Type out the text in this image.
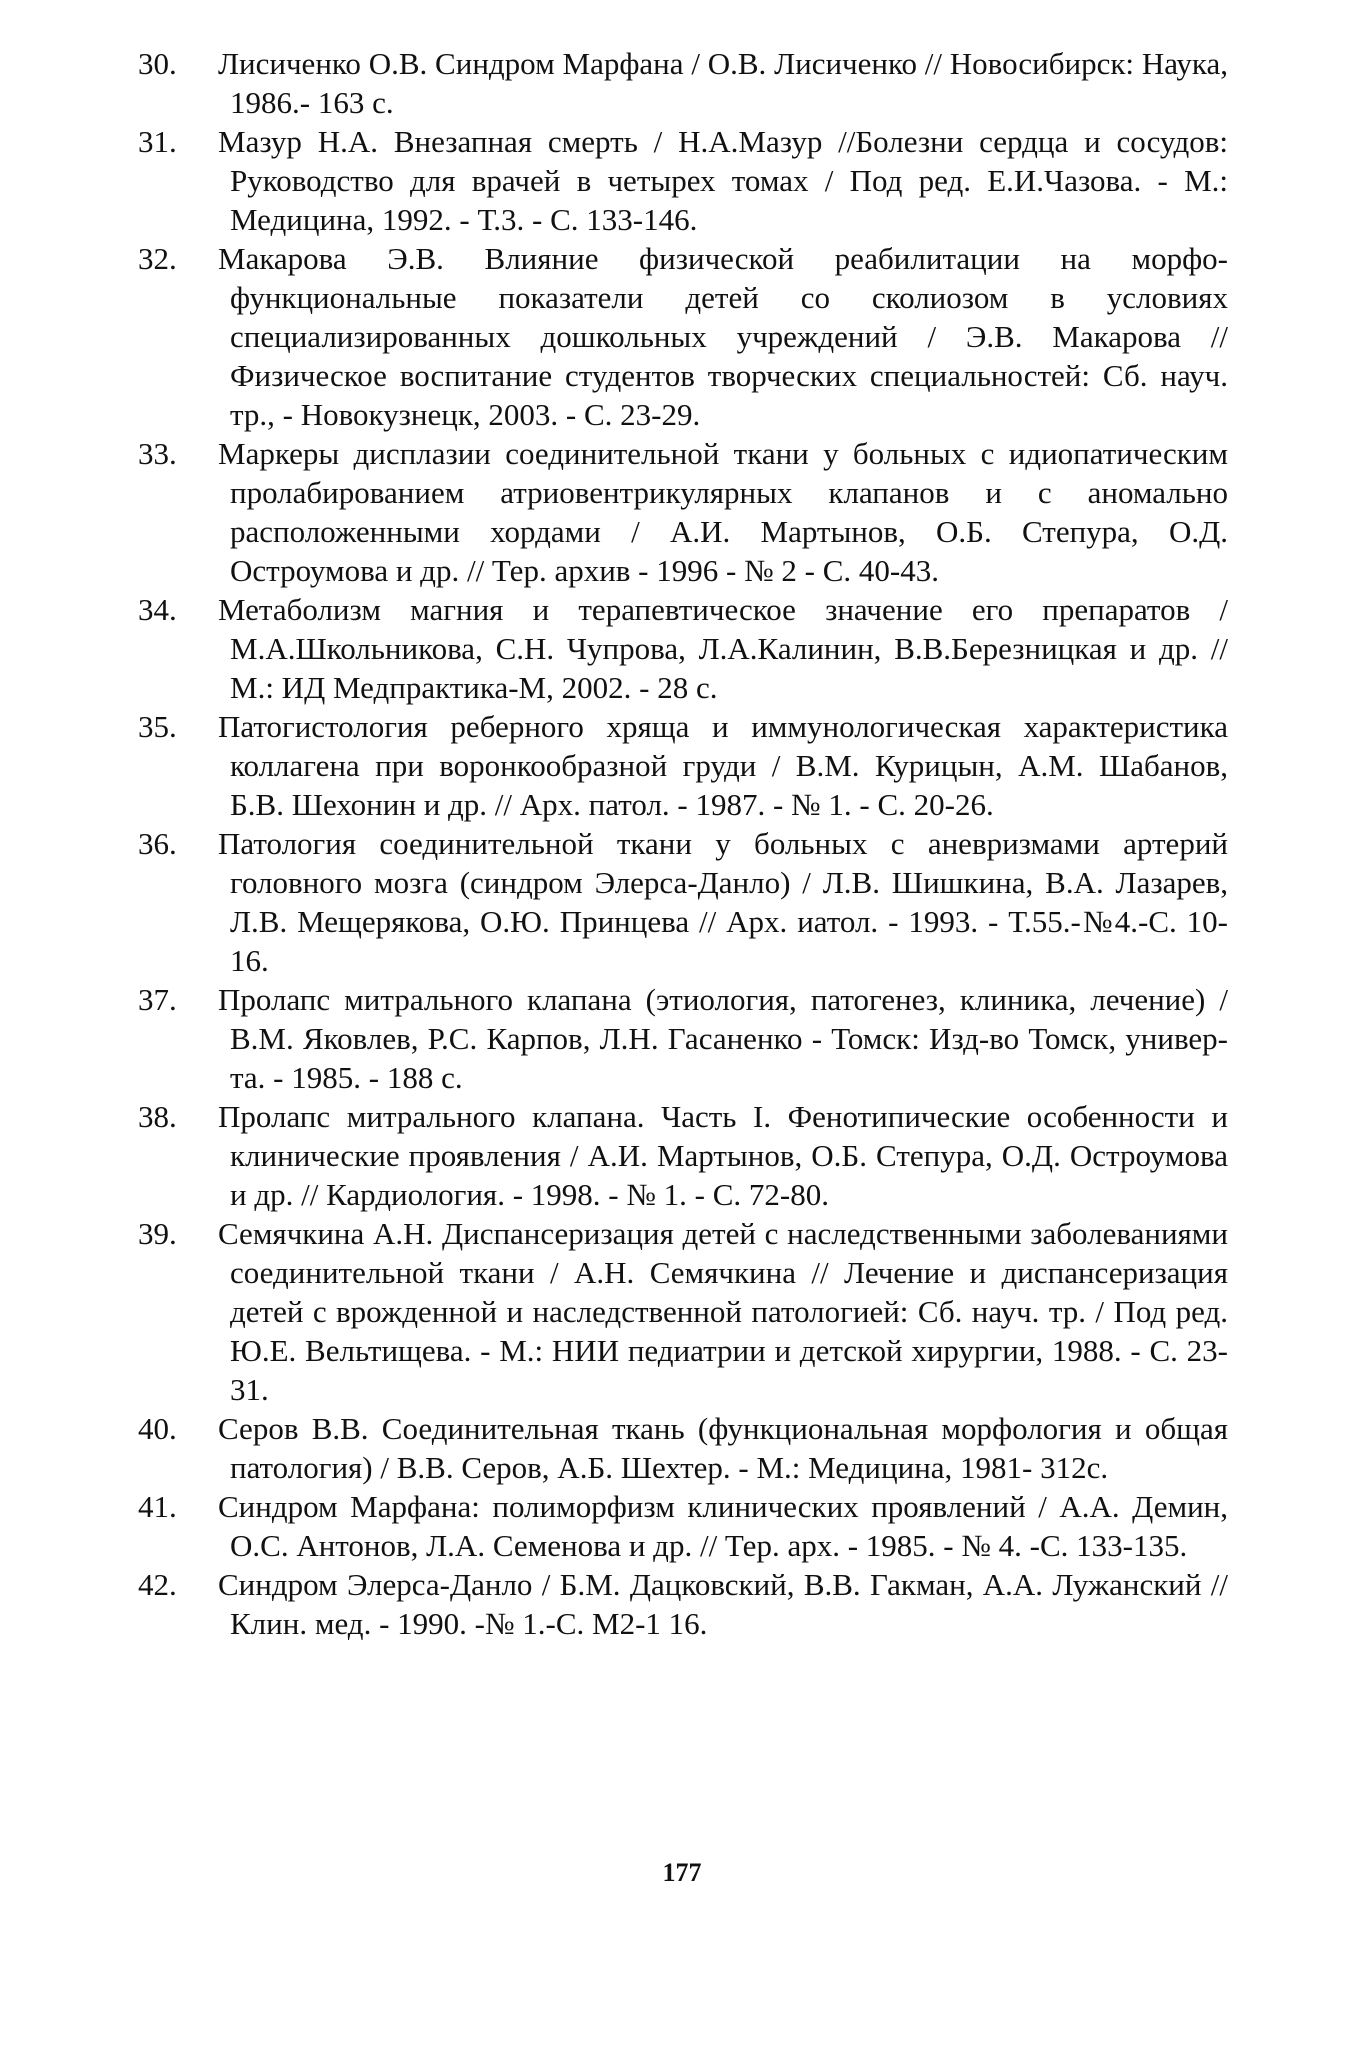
30.	Лисиченко О.В. Синдром Марфана / О.В. Лисиченко // Новосибирск: Наука, 1986.- 163 с.
31.	Мазур Н.А. Внезапная смерть / Н.А.Мазур //Болезни сердца и сосудов: Руководство для врачей в четырех томах / Под ред. Е.И.Чазова. - М.: Медицина, 1992. - Т.3. - С. 133-146.
32.	Макарова Э.В. Влияние физической реабилитации на морфо-функциональные показатели детей со сколиозом в условиях специализированных дошкольных учреждений / Э.В. Макарова // Физическое воспитание студентов творческих специальностей: Сб. науч. тр., - Новокузнецк, 2003. - С. 23-29.
33.	Маркеры дисплазии соединительной ткани у больных с идиопатическим пролабированием атриовентрикулярных клапанов и с аномально расположенными хордами / А.И. Мартынов, О.Б. Степура, О.Д. Остроумова и др. // Тер. архив - 1996 - № 2 - С. 40-43.
34.	Метаболизм магния и терапевтическое значение его препаратов / М.А.Школьникова, С.Н. Чупрова, Л.А.Калинин, В.В.Березницкая и др. // М.: ИД Медпрактика-М, 2002. - 28 с.
35.	Патогистология реберного хряща и иммунологическая характеристика коллагена при воронкообразной груди / В.М. Курицын, А.М. Шабанов, Б.В. Шехонин и др. // Арх. патол. - 1987. - № 1. - С. 20-26.
36.	Патология соединительной ткани у больных с аневризмами артерий головного мозга (синдром Элерса-Данло) / Л.В. Шишкина, В.А. Лазарев, Л.В. Мещерякова, О.Ю. Принцева // Арх. иатол. - 1993. - Т.55.-№4.-С. 10-16.
37.	Пролапс митрального клапана (этиология, патогенез, клиника, лечение) / В.М. Яковлев, Р.С. Карпов, Л.Н. Гасаненко - Томск: Изд-во Томск, универ-та. - 1985. - 188 с.
38.	Пролапс митрального клапана. Часть I. Фенотипические особенности и клинические проявления / А.И. Мартынов, О.Б. Степура, О.Д. Остроумова и др. // Кардиология. - 1998. - № 1. - С. 72-80.
39.	Семячкина А.Н. Диспансеризация детей с наследственными заболеваниями соединительной ткани / А.Н. Семячкина // Лечение и диспансеризация детей с врожденной и наследственной патологией: Сб. науч. тр. / Под ред. Ю.Е. Вельтищева. - М.: НИИ педиатрии и детской хирургии, 1988. - С. 23-31.
40.	Серов В.В. Соединительная ткань (функциональная морфология и общая патология) / В.В. Серов, А.Б. Шехтер. - М.: Медицина, 1981- 312с.
41.	Синдром Марфана: полиморфизм клинических проявлений / А.А. Демин, О.С. Антонов, Л.А. Семенова и др. // Тер. арх. - 1985. - № 4. -С. 133-135.
42.	Синдром Элерса-Данло / Б.М. Дацковский, В.В. Гакман, А.А. Лужанский // Клин. мед. - 1990. -№ 1.-С. М2-1 16.
177
